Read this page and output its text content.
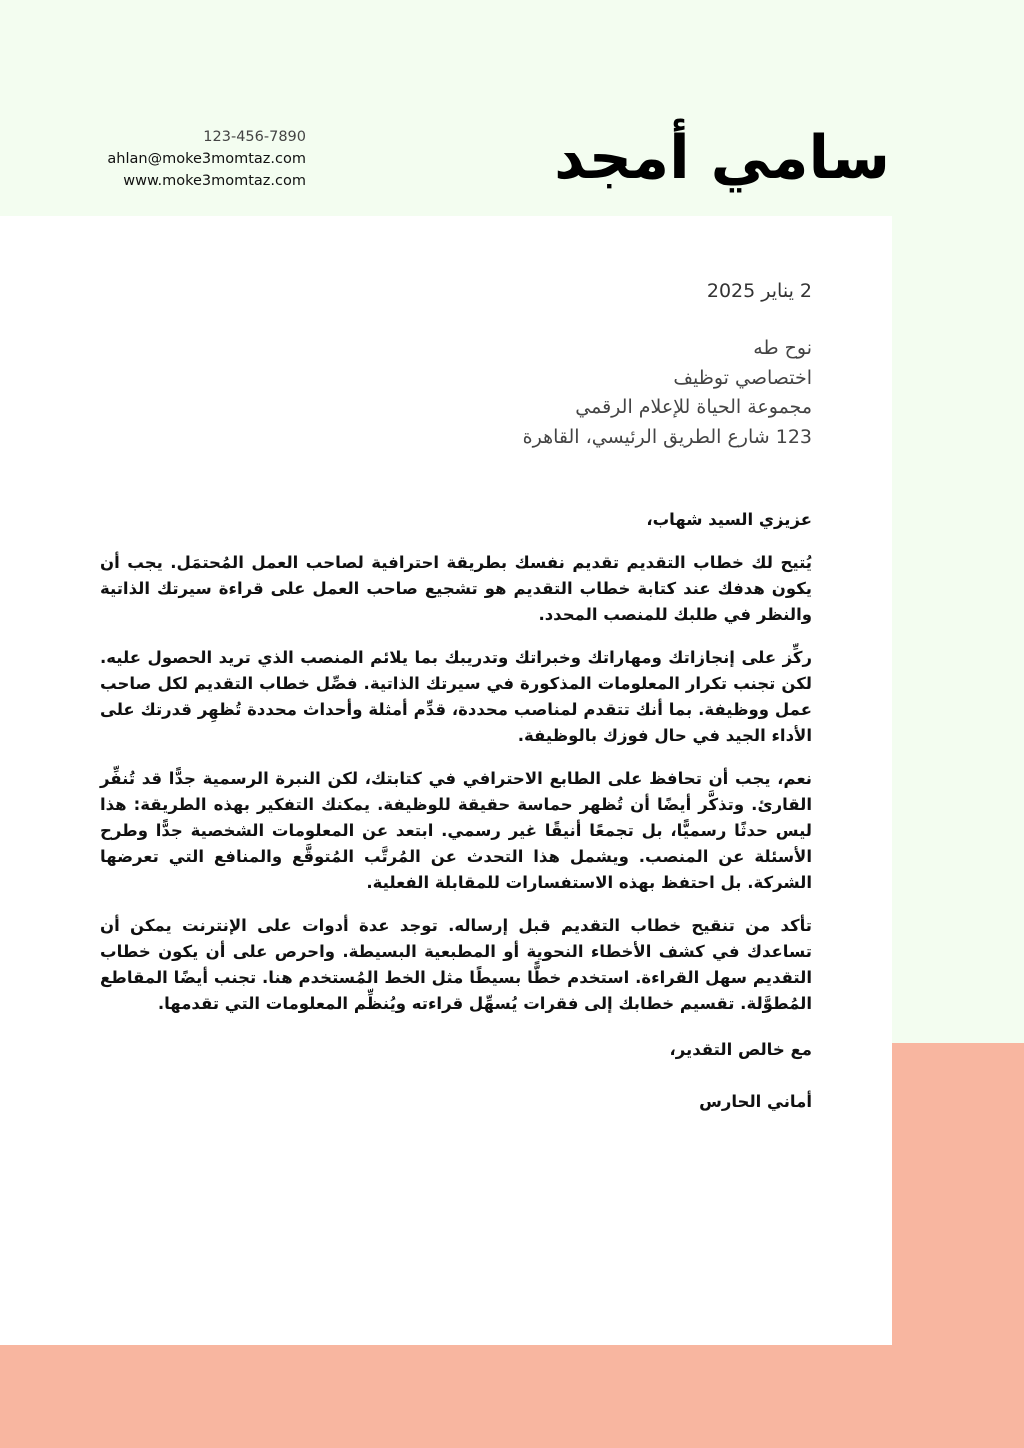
سامي أمجد
123-456-7890
ahlan@moke3momtaz.com
www.moke3momtaz.com

2 يناير 2025

نوح طه
اختصاصي توظيف
مجموعة الحياة للإعلام الرقمي
123 شارع الطريق الرئيسي، القاهرة

عزيزي السيد شهاب،

يُتيح لك خطاب التقديم تقديم نفسك بطريقة احترافية لصاحب العمل المُحتمَل. يجب أن يكون هدفك عند كتابة خطاب التقديم هو تشجيع صاحب العمل على قراءة سيرتك الذاتية والنظر في طلبك للمنصب المحدد.

ركِّز على إنجازاتك ومهاراتك وخبراتك وتدريبك بما يلائم المنصب الذي تريد الحصول عليه. لكن تجنب تكرار المعلومات المذكورة في سيرتك الذاتية. فصِّل خطاب التقديم لكل صاحب عمل ووظيفة. بما أنك تتقدم لمناصب محددة، قدِّم أمثلة وأحداث محددة تُظهِر قدرتك على الأداء الجيد في حال فوزك بالوظيفة.

نعم، يجب أن تحافظ على الطابع الاحترافي في كتابتك، لكن النبرة الرسمية جدًّا قد تُنفِّر القارئ. وتذكَّر أيضًا أن تُظهر حماسة حقيقة للوظيفة. يمكنك التفكير بهذه الطريقة: هذا ليس حدثًا رسميًّا، بل تجمعًا أنيقًا غير رسمي. ابتعد عن المعلومات الشخصية جدًّا وطرح الأسئلة عن المنصب. ويشمل هذا التحدث عن المُرتَّب المُتوقَّع والمنافع التي تعرضها الشركة. بل احتفظ بهذه الاستفسارات للمقابلة الفعلية.

تأكد من تنقيح خطاب التقديم قبل إرساله. توجد عدة أدوات على الإنترنت يمكن أن تساعدك في كشف الأخطاء النحوية أو المطبعية البسيطة. واحرص على أن يكون خطاب التقديم سهل القراءة. استخدم خطًّا بسيطًا مثل الخط المُستخدم هنا. تجنب أيضًا المقاطع المُطوَّلة. تقسيم خطابك إلى فقرات يُسهِّل قراءته ويُنظِّم المعلومات التي تقدمها.

مع خالص التقدير،

أماني الحارس
